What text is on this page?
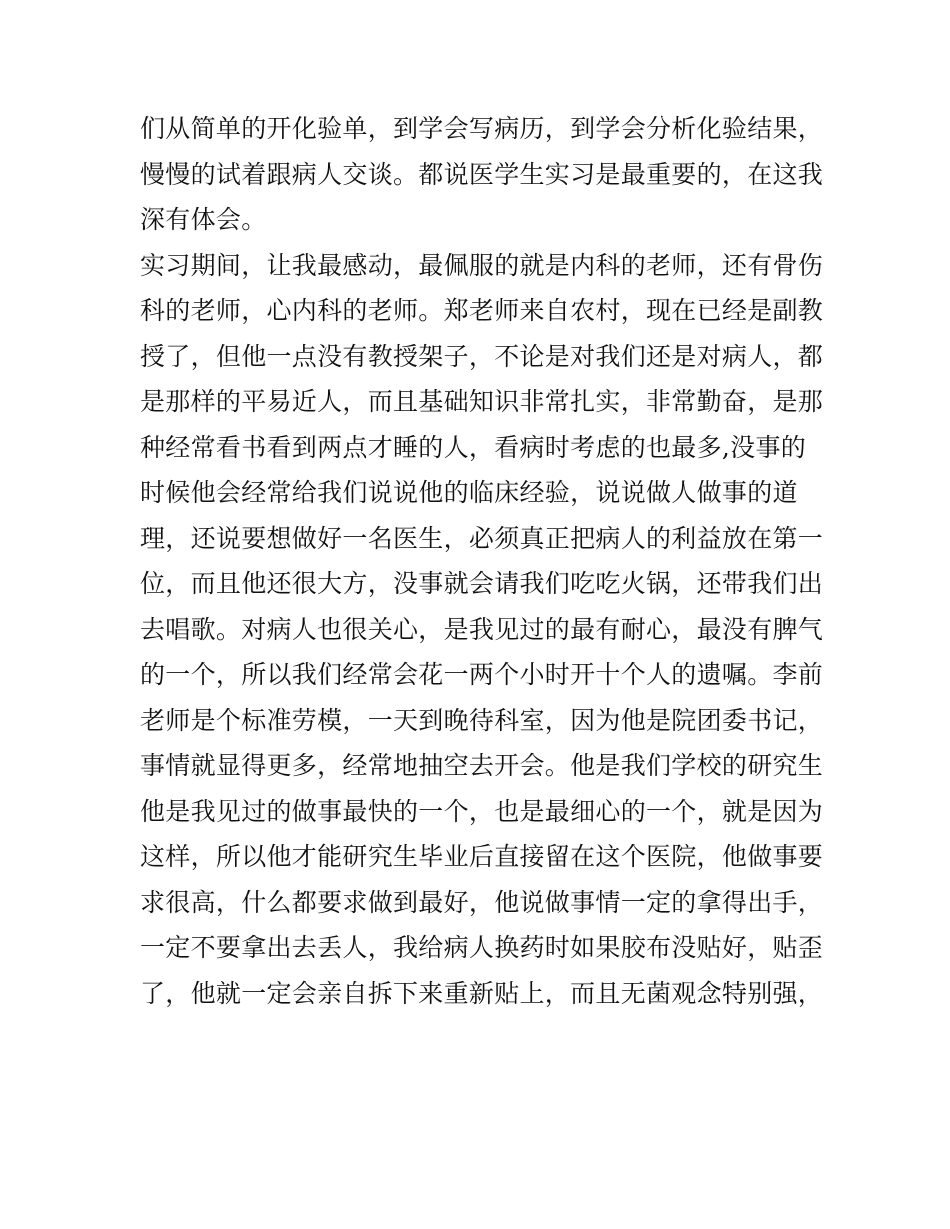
们从简单的开化验单，到学会写病历，到学会分析化验结果，
慢慢的试着跟病人交谈。都说医学生实习是最重要的，在这我
深有体会。
实习期间，让我最感动，最佩服的就是内科的老师，还有骨伤
科的老师，心内科的老师。郑老师来自农村，现在已经是副教
授了，但他一点没有教授架子，不论是对我们还是对病人，都
是那样的平易近人，而且基础知识非常扎实，非常勤奋，是那
种经常看书看到两点才睡的人，看病时考虑的也最多,没事的
时候他会经常给我们说说他的临床经验，说说做人做事的道
理，还说要想做好一名医生，必须真正把病人的利益放在第一
位，而且他还很大方，没事就会请我们吃吃火锅，还带我们出
去唱歌。对病人也很关心，是我见过的最有耐心，最没有脾气
的一个，所以我们经常会花一两个小时开十个人的遗嘱。李前
老师是个标准劳模，一天到晚待科室，因为他是院团委书记，
事情就显得更多，经常地抽空去开会。他是我们学校的研究生
他是我见过的做事最快的一个，也是最细心的一个，就是因为
这样，所以他才能研究生毕业后直接留在这个医院，他做事要
求很高，什么都要求做到最好，他说做事情一定的拿得出手，
一定不要拿出去丢人，我给病人换药时如果胶布没贴好，贴歪
了，他就一定会亲自拆下来重新贴上，而且无菌观念特别强，
